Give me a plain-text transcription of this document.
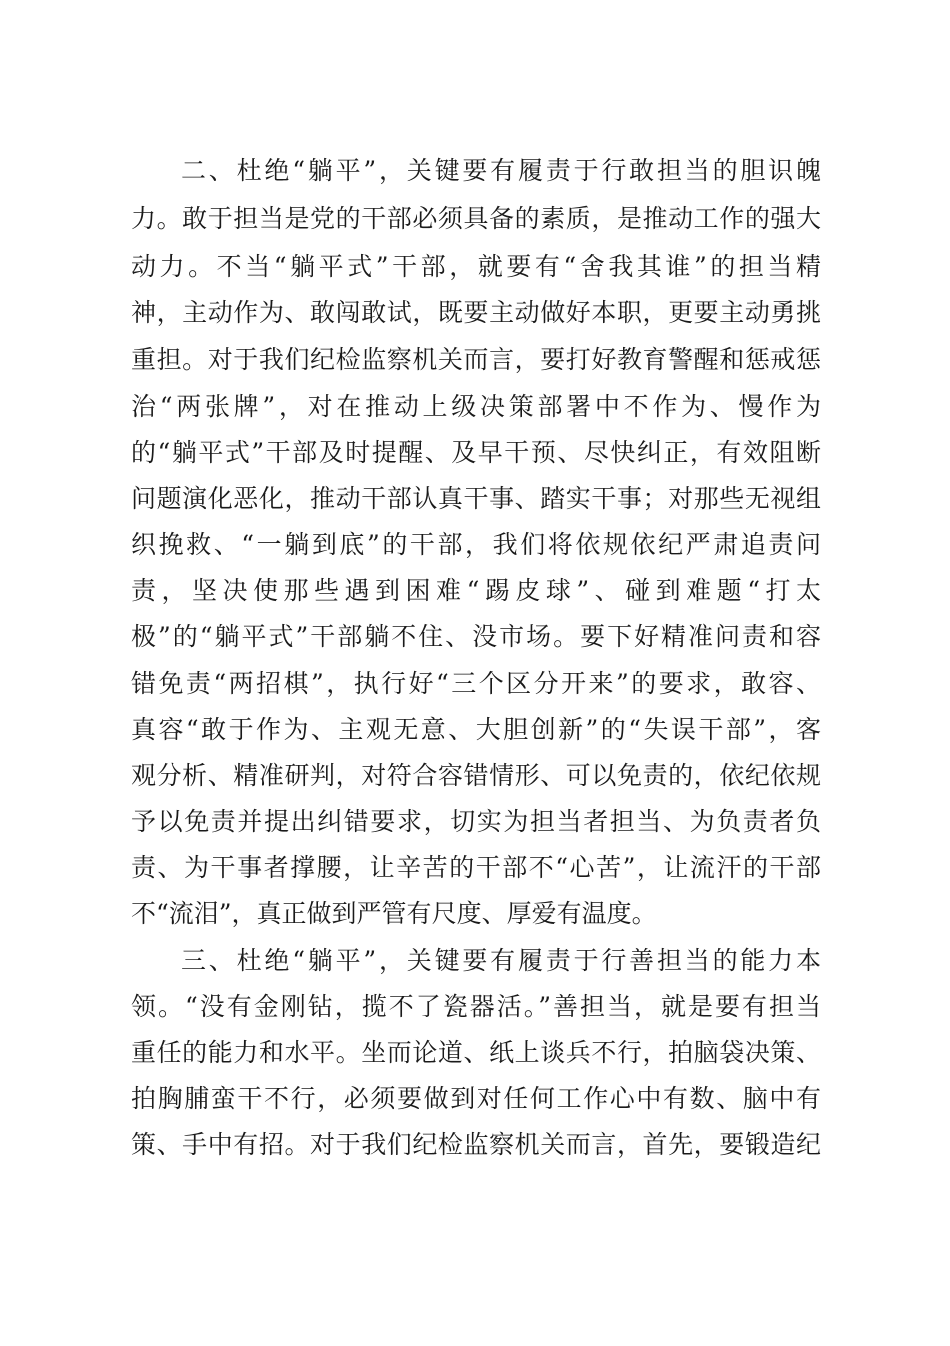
二、杜绝“躺平”，关键要有履责于行敢担当的胆识魄
力。敢于担当是党的干部必须具备的素质，是推动工作的强大
动力。不当“躺平式”干部，就要有“舍我其谁”的担当精
神，主动作为、敢闯敢试，既要主动做好本职，更要主动勇挑
重担。对于我们纪检监察机关而言，要打好教育警醒和惩戒惩
治“两张牌”，对在推动上级决策部署中不作为、慢作为
的“躺平式”干部及时提醒、及早干预、尽快纠正，有效阻断
问题演化恶化，推动干部认真干事、踏实干事；对那些无视组
织挽救、“一躺到底”的干部，我们将依规依纪严肃追责问
责，坚决使那些遇到困难“踢皮球”、碰到难题“打太
极”的“躺平式”干部躺不住、没市场。要下好精准问责和容
错免责“两招棋”，执行好“三个区分开来”的要求，敢容、
真容“敢于作为、主观无意、大胆创新”的“失误干部”，客
观分析、精准研判，对符合容错情形、可以免责的，依纪依规
予以免责并提出纠错要求，切实为担当者担当、为负责者负
责、为干事者撑腰，让辛苦的干部不“心苦”，让流汗的干部
不“流泪”，真正做到严管有尺度、厚爱有温度。
三、杜绝“躺平”，关键要有履责于行善担当的能力本
领。“没有金刚钻，揽不了瓷器活。”善担当，就是要有担当
重任的能力和水平。坐而论道、纸上谈兵不行，拍脑袋决策、
拍胸脯蛮干不行，必须要做到对任何工作心中有数、脑中有
策、手中有招。对于我们纪检监察机关而言，首先，要锻造纪
